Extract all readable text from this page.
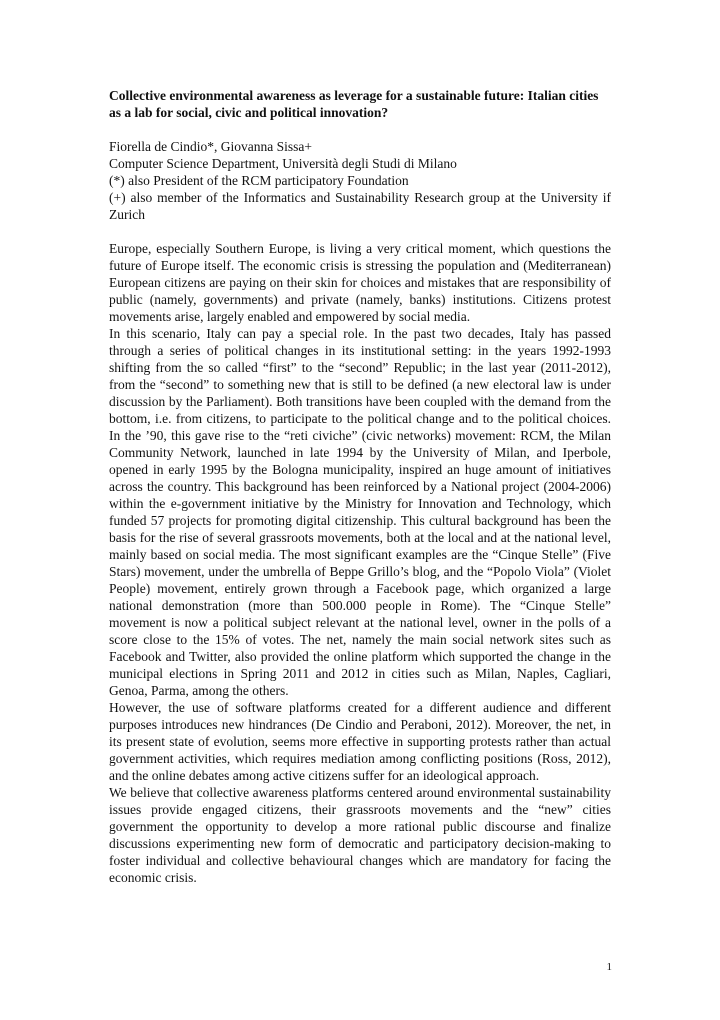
Collective environmental awareness as leverage for a sustainable future: Italian cities as a lab for social, civic and political innovation?

Fiorella de Cindio*, Giovanna Sissa+

Computer Science Department, Università degli Studi di Milano

(*) also President of the RCM participatory Foundation

(+) also member of the Informatics and Sustainability Research group at the University if Zurich

Europe, especially Southern Europe, is living a very critical moment, which questions the future of Europe itself. The economic crisis is stressing the population and (Mediterranean) European citizens are paying on their skin for choices and mistakes that are responsibility of public (namely, governments) and private (namely, banks) institutions. Citizens protest movements arise, largely enabled and empowered by social media.

In this scenario, Italy can pay a special role. In the past two decades, Italy has passed through a series of political changes in its institutional setting: in the years 1992-1993 shifting from the so called “first” to the “second” Republic; in the last year (2011-2012), from the “second” to something new that is still to be defined (a new electoral law is under discussion by the Parliament). Both transitions have been coupled with the demand from the bottom, i.e. from citizens, to participate to the political change and to the political choices. In the ’90, this gave rise to the “reti civiche” (civic networks) movement: RCM, the Milan Community Network, launched in late 1994 by the University of Milan, and Iperbole, opened in early 1995 by the Bologna municipality, inspired an huge amount of initiatives across the country. This background has been reinforced by a National project (2004-2006) within the e-government initiative by the Ministry for Innovation and Technology, which funded 57 projects for promoting digital citizenship. This cultural background has been the basis for the rise of several grassroots movements, both at the local and at the national level, mainly based on social media. The most significant examples are the “Cinque Stelle” (Five Stars) movement, under the umbrella of Beppe Grillo’s blog, and the “Popolo Viola” (Violet People) movement, entirely grown through a Facebook page, which organized a large national demonstration (more than 500.000 people in Rome). The “Cinque Stelle” movement is now a political subject relevant at the national level, owner in the polls of a score close to the 15% of votes. The net, namely the main social network sites such as Facebook and Twitter, also provided the online platform which supported the change in the municipal elections in Spring 2011 and 2012 in cities such as Milan, Naples, Cagliari, Genoa, Parma, among the others.

However, the use of software platforms created for a different audience and different purposes introduces new hindrances (De Cindio and Peraboni, 2012). Moreover, the net, in its present state of evolution, seems more effective in supporting protests rather than actual government activities, which requires mediation among conflicting positions (Ross, 2012), and the online debates among active citizens suffer for an ideological approach.

We believe that collective awareness platforms centered around environmental sustainability issues provide engaged citizens, their grassroots movements and the “new” cities government the opportunity to develop a more rational public discourse and finalize discussions experimenting new form of democratic and participatory decision-making to foster individual and collective behavioural changes which are mandatory for facing the economic crisis.

1
